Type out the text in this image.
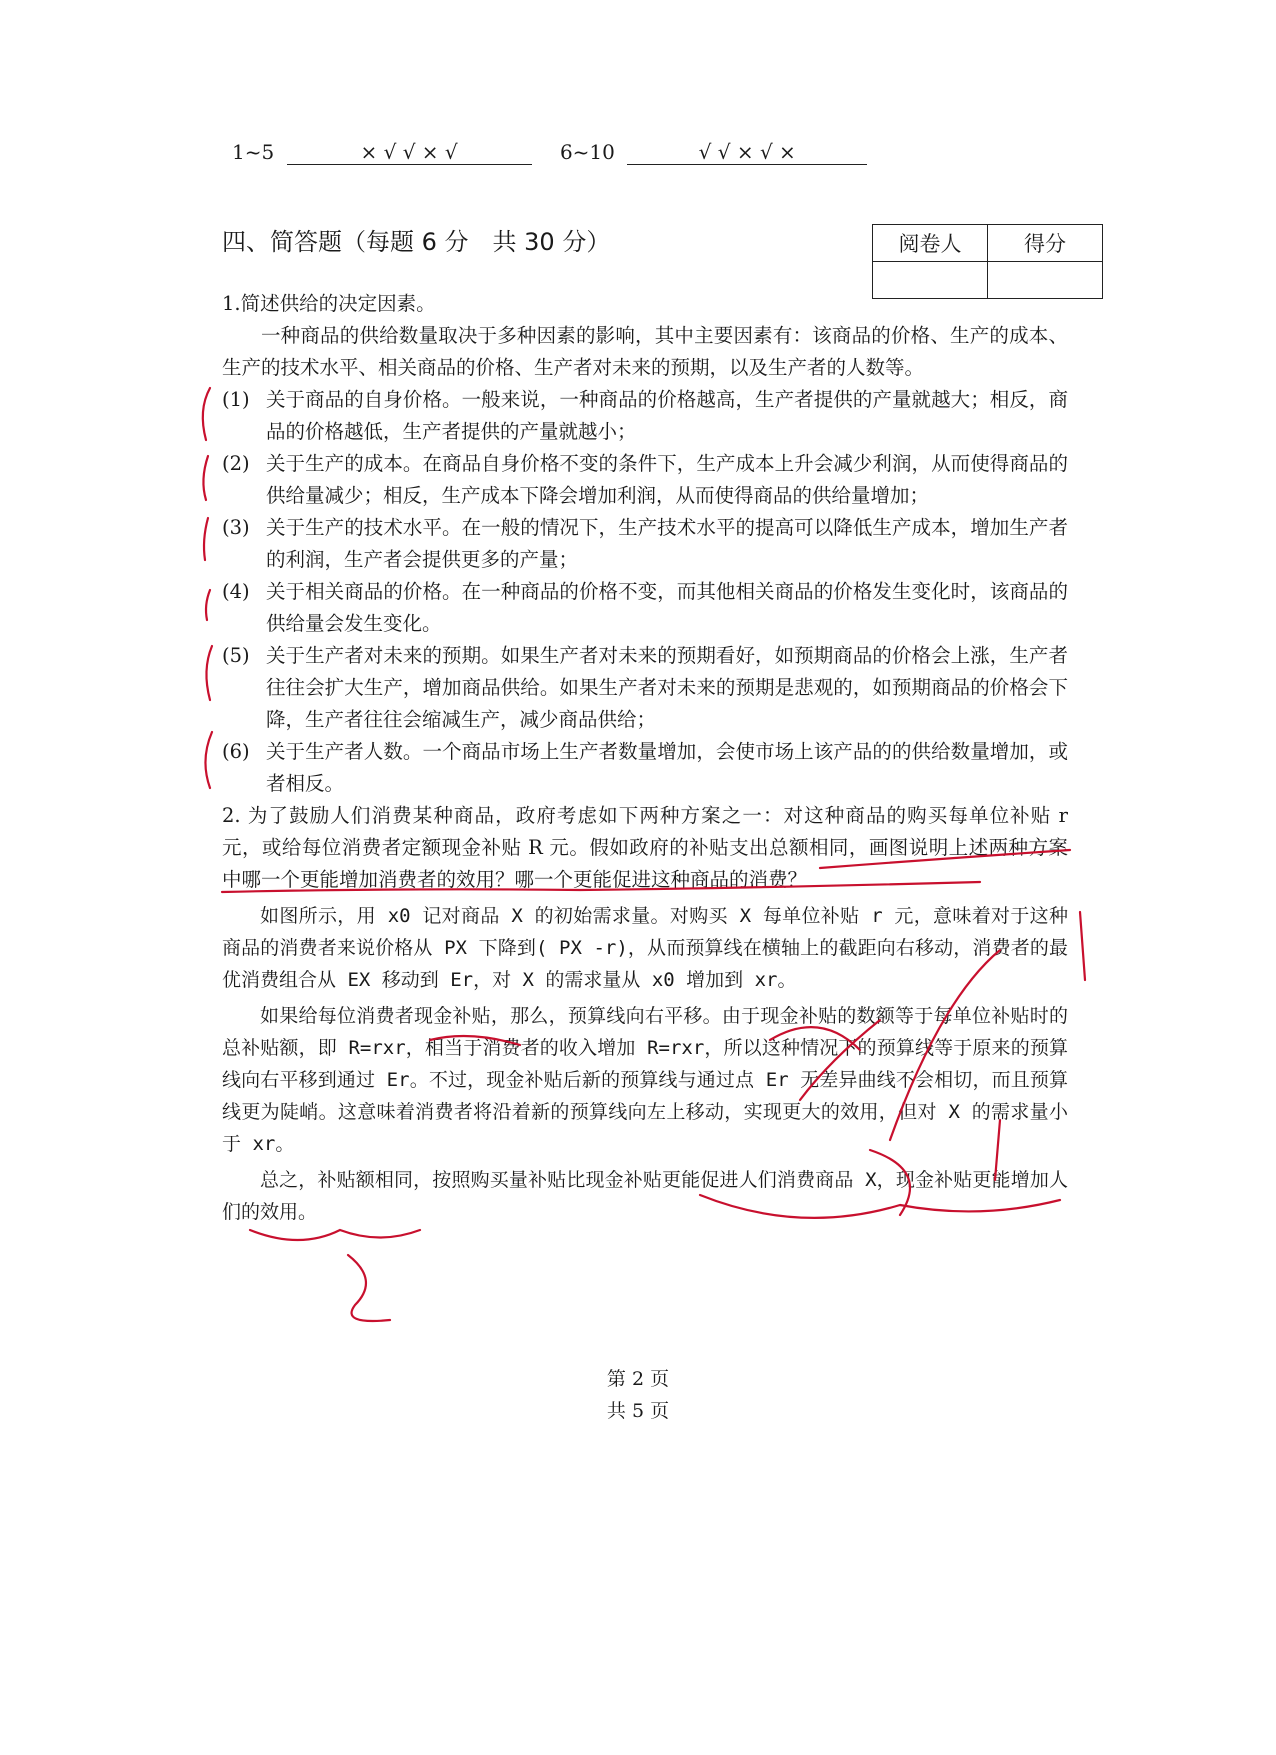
1~5	× √ √ × √	6~10	√ √ × √ ×
四、简答题（每题 6 分　共 30 分）	阅卷人	得分

1.简述供给的决定因素。
一种商品的供给数量取决于多种因素的影响，其中主要因素有：该商品的价格、生产的成本、生产的技术水平、相关商品的价格、生产者对未来的预期，以及生产者的人数等。
(1) 关于商品的自身价格。一般来说，一种商品的价格越高，生产者提供的产量就越大；相反，商品的价格越低，生产者提供的产量就越小；
(2) 关于生产的成本。在商品自身价格不变的条件下，生产成本上升会减少利润，从而使得商品的供给量减少；相反，生产成本下降会增加利润，从而使得商品的供给量增加；
(3) 关于生产的技术水平。在一般的情况下，生产技术水平的提高可以降低生产成本，增加生产者的利润，生产者会提供更多的产量；
(4) 关于相关商品的价格。在一种商品的价格不变，而其他相关商品的价格发生变化时，该商品的供给量会发生变化。
(5) 关于生产者对未来的预期。如果生产者对未来的预期看好，如预期商品的价格会上涨，生产者往往会扩大生产，增加商品供给。如果生产者对未来的预期是悲观的，如预期商品的价格会下降，生产者往往会缩减生产，减少商品供给；
(6) 关于生产者人数。一个商品市场上生产者数量增加，会使市场上该产品的的供给数量增加，或者相反。
2. 为了鼓励人们消费某种商品，政府考虑如下两种方案之一：对这种商品的购买每单位补贴 r 元，或给每位消费者定额现金补贴 R 元。假如政府的补贴支出总额相同，画图说明上述两种方案中哪一个更能增加消费者的效用？哪一个更能促进这种商品的消费？
如图所示，用 x0 记对商品 X 的初始需求量。对购买 X 每单位补贴 r 元，意味着对于这种商品的消费者来说价格从 PX 下降到( PX -r)，从而预算线在横轴上的截距向右移动，消费者的最优消费组合从 EX 移动到 Er，对 X 的需求量从 x0 增加到 xr。
如果给每位消费者现金补贴，那么，预算线向右平移。由于现金补贴的数额等于每单位补贴时的总补贴额，即 R=rxr，相当于消费者的收入增加 R=rxr，所以这种情况下的预算线等于原来的预算线向右平移到通过 Er。不过，现金补贴后新的预算线与通过点 Er 无差异曲线不会相切，而且预算线更为陡峭。这意味着消费者将沿着新的预算线向左上移动，实现更大的效用，但对 X 的需求量小于 xr。
总之，补贴额相同，按照购买量补贴比现金补贴更能促进人们消费商品 X，现金补贴更能增加人们的效用。
第 2 页
共 5 页
